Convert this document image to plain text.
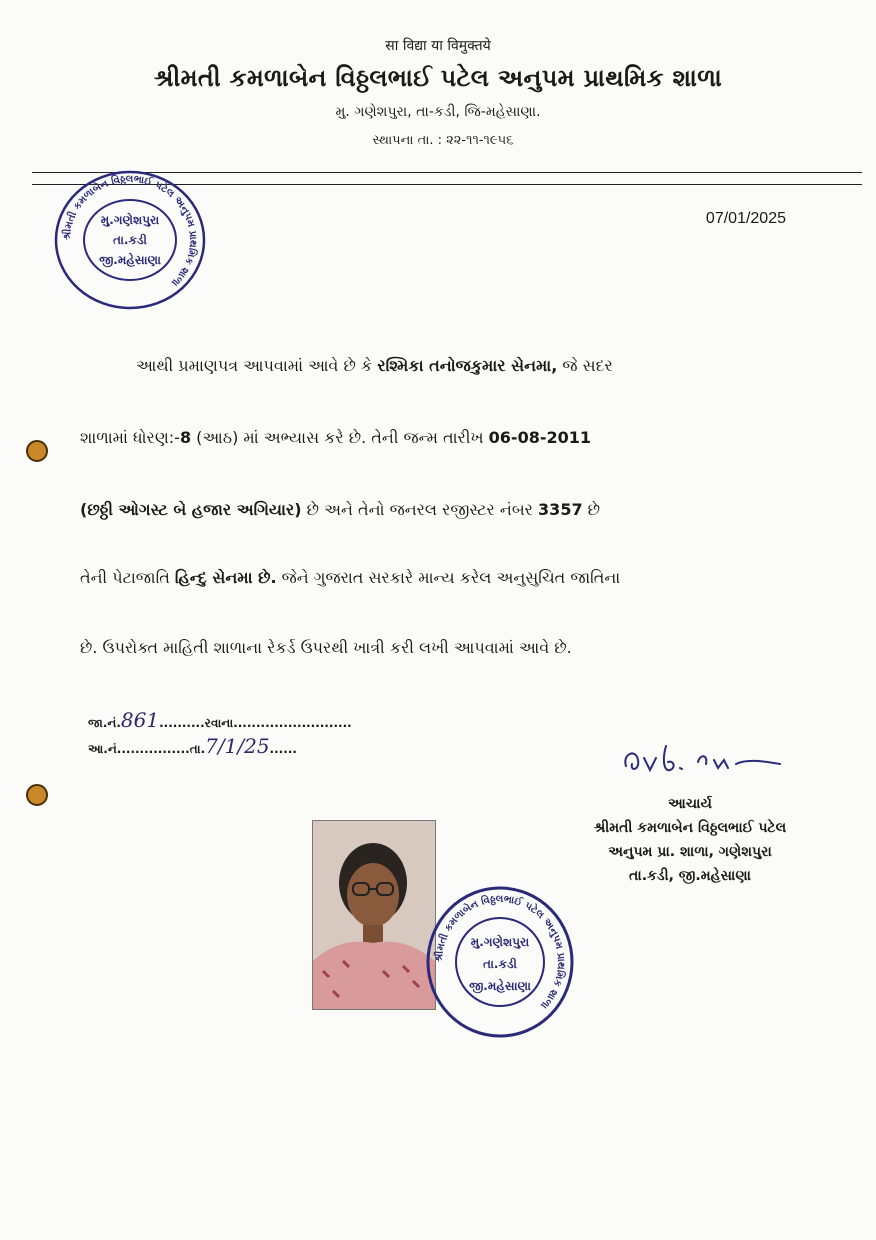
सा विद्या या विमुक्तये
શ્રીમતી કમળાબેન વિઠ્ઠલભાઈ પટેલ અનુપમ પ્રાથમિક શાળા
મુ. ગણેશપુરા, તા-કડી, જિ-મહેસાણા.
સ્થાપના તા. : ૨૨-૧૧-૧૯૫૬
શ્રીમતી કમળાબેન વિઠ્ઠલભાઈ પટેલ અનુપમ પ્રાથમિક શાળા
મુ.ગણેશપુરા
તા.કડી
જી.મહેસાણા
07/01/2025
આથી પ્રમાણપત્ર આપવામાં આવે છે કે રશ્મિકા તનોજકુમાર સેનમા, જે સદર
શાળામાં ધોરણ:-8 (આઠ) માં અભ્યાસ કરે છે. તેની જન્મ તારીખ 06-08-2011
(છઠ્ઠી ઓગસ્ટ બે હજાર અગિયાર) છે અને તેનો જનરલ રજીસ્ટર નંબર 3357 છે
તેની પેટાજાતિ હિન્દુ સેનમા છે. જેને ગુજરાત સરકારે માન્ય કરેલ અનુસુચિત જાતિના
છે. ઉપરોક્ત માહિતી શાળાના રેકર્ડ ઉપરથી ખાત્રી કરી લખી આપવામાં આવે છે.
જા.નં.861..........રવાના..........................
આ.નં................તા.7/1/25......
આચાર્ય
શ્રીમતી કમળાબેન વિઠ્ઠલભાઈ પટેલ
અનુપમ પ્રા. શાળા, ગણેશપુરા
તા.કડી, જી.મહેસાણા
શ્રીમતી કમળાબેન વિઠ્ઠલભાઈ પટેલ અનુપમ પ્રાથમિક શાળા
મુ.ગણેશપુરા
તા.કડી
જી.મહેસાણા
